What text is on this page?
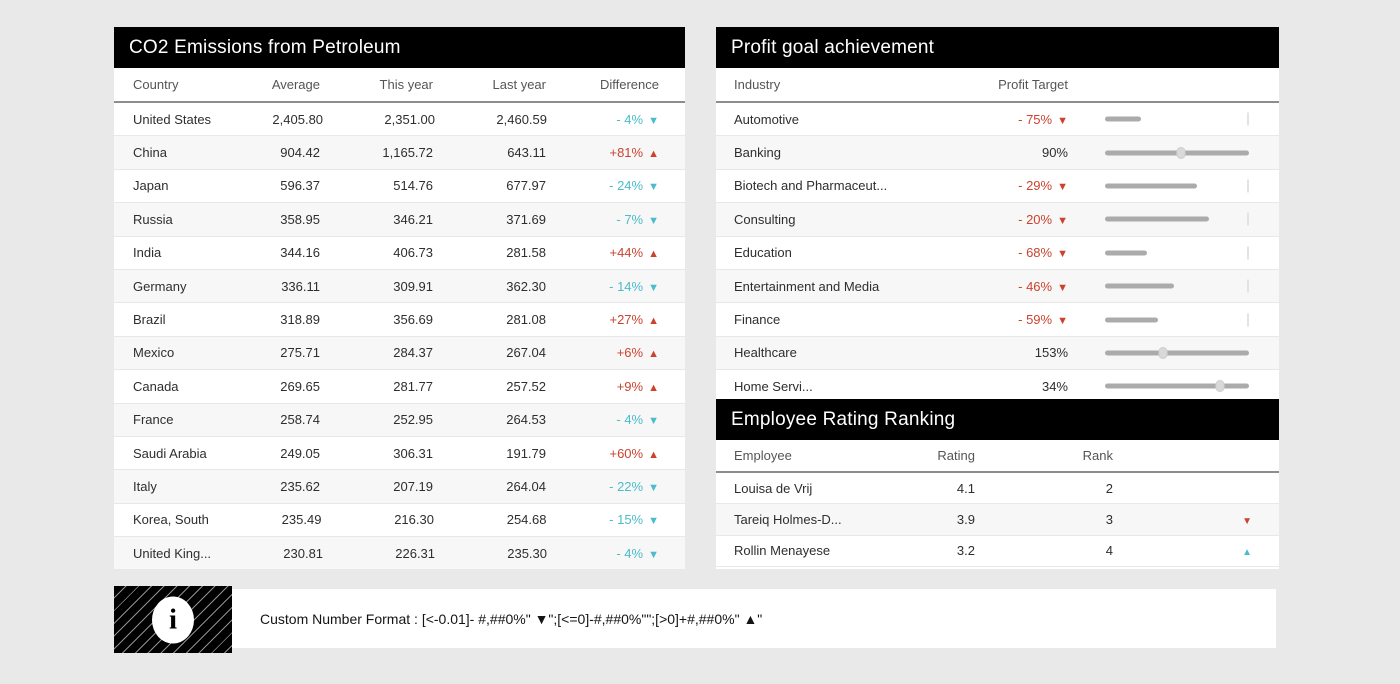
CO2 Emissions from Petroleum
Country	Average	This year	Last year	Difference
United States	2,405.80	2,351.00	2,460.59	- 4% ▼
China	904.42	1,165.72	643.11	+81% ▲
Japan	596.37	514.76	677.97	- 24% ▼
Russia	358.95	346.21	371.69	- 7% ▼
India	344.16	406.73	281.58	+44% ▲
Germany	336.11	309.91	362.30	- 14% ▼
Brazil	318.89	356.69	281.08	+27% ▲
Mexico	275.71	284.37	267.04	+6% ▲
Canada	269.65	281.77	257.52	+9% ▲
France	258.74	252.95	264.53	- 4% ▼
Saudi Arabia	249.05	306.31	191.79	+60% ▲
Italy	235.62	207.19	264.04	- 22% ▼
Korea, South	235.49	216.30	254.68	- 15% ▼
United King...	230.81	226.31	235.30	- 4% ▼
Profit goal achievement
Industry	Profit Target
Automotive	- 75% ▼
Banking	90%
Biotech and Pharmaceut...	- 29% ▼
Consulting	- 20% ▼
Education	- 68% ▼
Entertainment and Media	- 46% ▼
Finance	- 59% ▼
Healthcare	153%
Home Servi...	34%
Employee Rating Ranking
Employee	Rating	Rank
Louisa de Vrij	4.1	2
Tareiq Holmes-D...	3.9	3	▼
Rollin Menayese	3.2	4	▲
i	Custom Number Format : [<-0.01]- #,##0%" ▼";[<=0]-#,##0%"";[>0]+#,##0%" ▲"
